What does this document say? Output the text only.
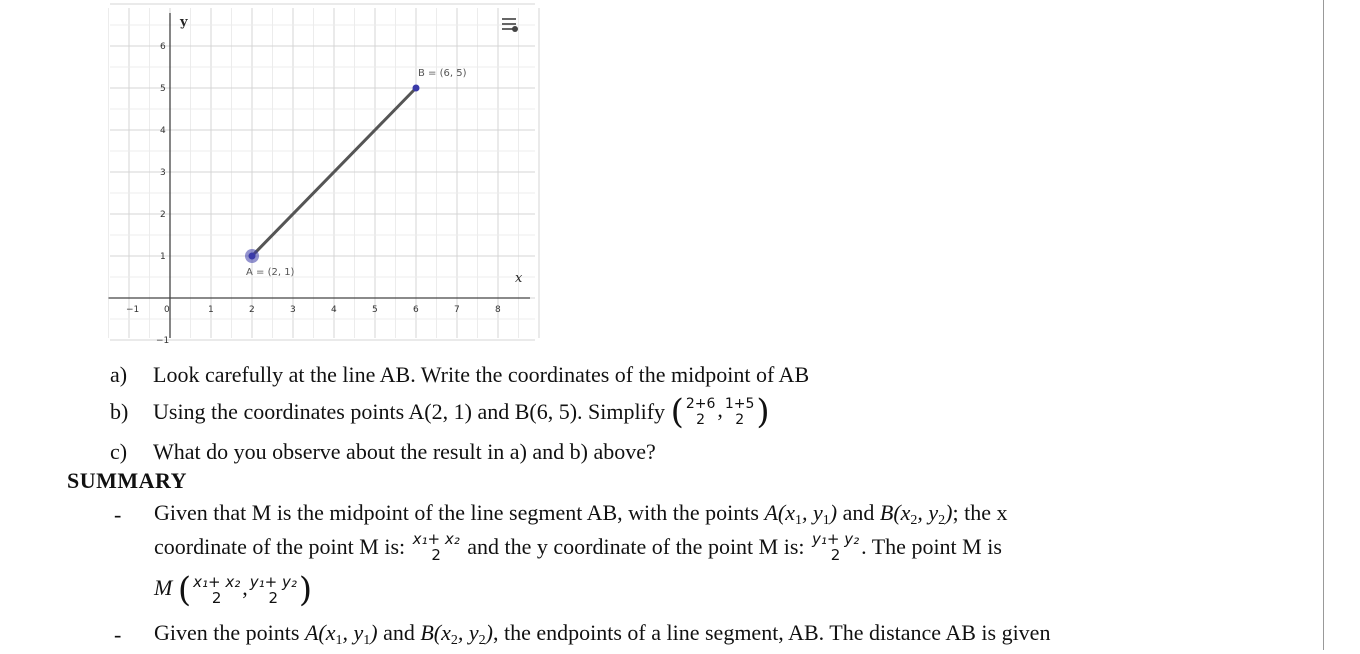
−1	0	1	2	3	4	5	6	7	8
6
5
4
3
2
1
−1
A = (2, 1)
B = (6, 5)
y
x
a) Look carefully at the line AB. Write the coordinates of the midpoint of AB
b) Using the coordinates points A(2, 1) and B(6, 5). Simplify ( 2+6
2 , 1+5
2 )
c) What do you observe about the result in a) and b) above?
SUMMARY
- Given that M is the midpoint of the line segment AB, with the points $A(x_1$, $y_1$) and $B(x_2$, $y_2$); the x
coordinate of the point M is: x₁+ x₂
2	and the y coordinate of the point M is: y₁+ y₂
2 . The point M is
M ( x₁+ x₂
2 , y₁+ y₂
2 )
- Given the points $A(x_1$, $y_1$) and $B(x_2$, $y_2$), the endpoints of a line segment, AB. The distance AB is given
